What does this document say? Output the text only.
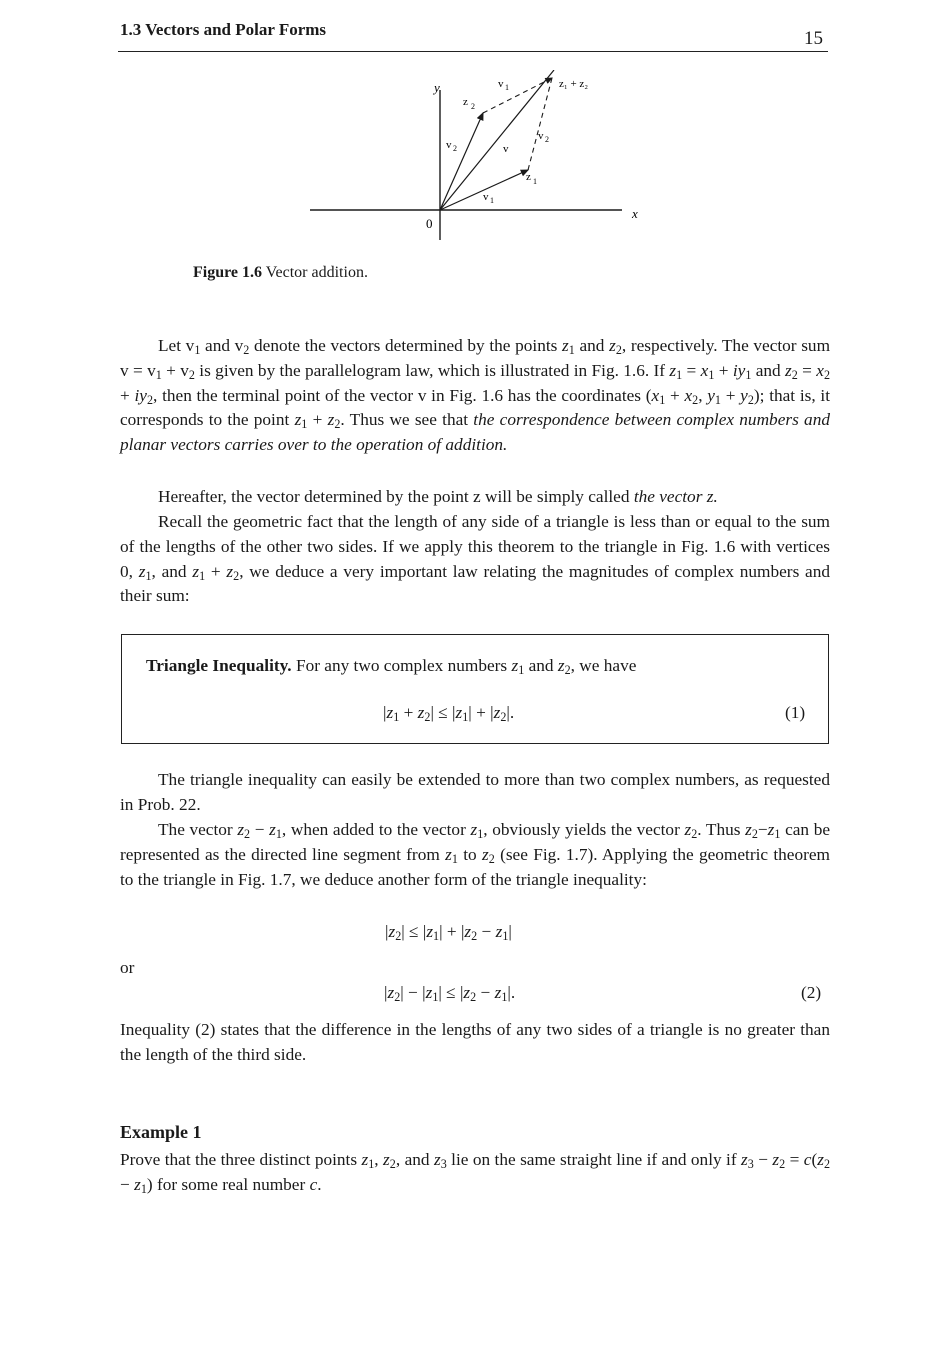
1.3 Vectors and Polar Forms	15
y
x
0
z 2
v 1	z₁ + z₂
v 2	v
v 2
z 1
v 1
Figure 1.6 Vector addition.
Let $v_1$ and $v_2$ denote the vectors determined by the points $z_1$ and $z_2$, respectively. The vector sum $v = v_1 + v_2$ is given by the parallelogram law, which is illustrated in Fig. 1.6. If $z_1 = x_1 + iy_1$ and $z_2 = x_2 + iy_2$, then the terminal point of the vector v in Fig. 1.6 has the coordinates ($x_1 + x_2$, $y_1 + y_2$); that is, it corresponds to the point $z_1 + z_2$. Thus we see that the correspondence between complex numbers and planar vectors carries over to the operation of addition.
Hereafter, the vector determined by the point z will be simply called the vector z.
Recall the geometric fact that the length of any side of a triangle is less than or equal to the sum of the lengths of the other two sides. If we apply this theorem to the triangle in Fig. 1.6 with vertices 0, $z_1$, and $z_1 + z_2$, we deduce a very important law relating the magnitudes of complex numbers and their sum:
Triangle Inequality. For any two complex numbers $z_1$ and $z_2$, we have
$|z_1 + z_2| \le |z_1| + |z_2|$.	(1)
The triangle inequality can easily be extended to more than two complex numbers, as requested in Prob. 22.
The vector $z_2 - z_1$, when added to the vector $z_1$, obviously yields the vector $z_2$. Thus $z_2-z_1$ can be represented as the directed line segment from $z_1$ to $z_2$ (see Fig. 1.7). Applying the geometric theorem to the triangle in Fig. 1.7, we deduce another form of the triangle inequality:
$|z_2| \le |z_1| + |z_2 - z_1|$
or
$|z_2| - |z_1| \le |z_2 - z_1|$.	(2)
Inequality (2) states that the difference in the lengths of any two sides of a triangle is no greater than the length of the third side.
Example 1
Prove that the three distinct points $z_1$, $z_2$, and $z_3$ lie on the same straight line if and only if $z_3 - z_2 = c(z_2 - z_1)$ for some real number c.
